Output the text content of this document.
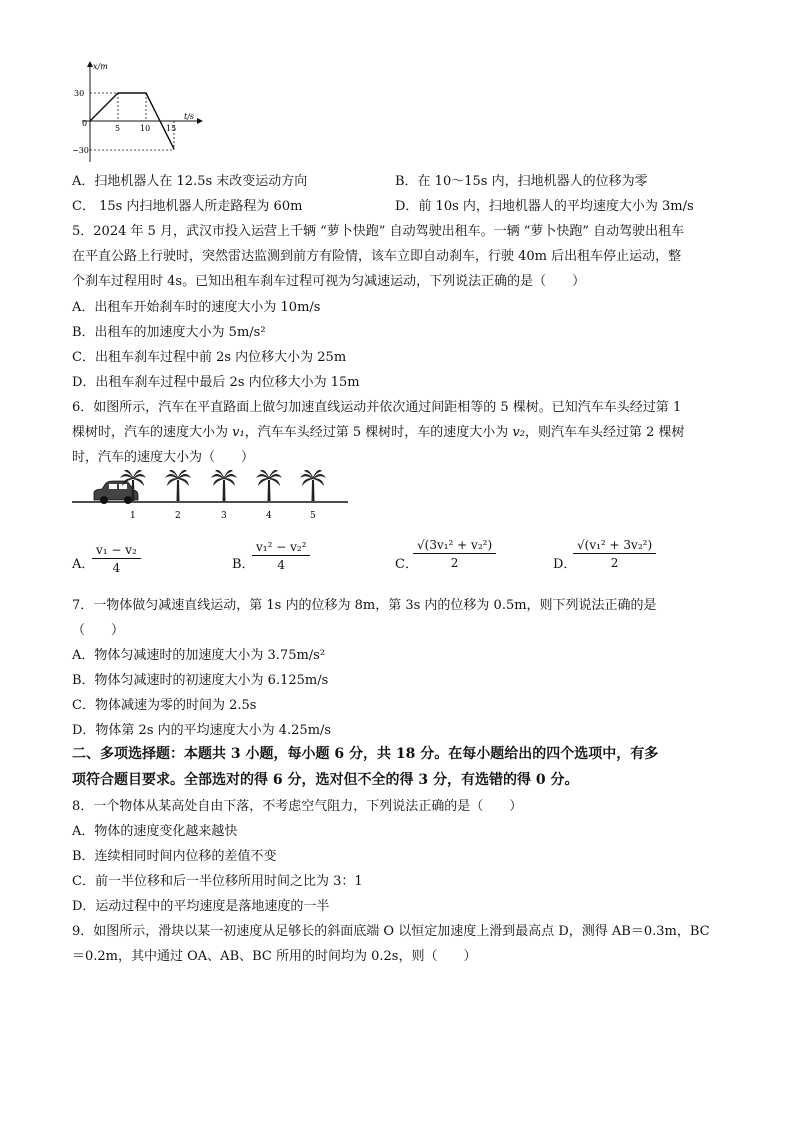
x/m
t/s
30
−30
0
5 10 15
A．扫地机器人在 12.5s 末改变运动方向	B．在 10～15s 内，扫地机器人的位移为零
C． 15s 内扫地机器人所走路程为 60m	D．前 10s 内，扫地机器人的平均速度大小为 3m/s
5．2024 年 5 月，武汉市投入运营上千辆 “萝卜快跑” 自动驾驶出租车。一辆 “萝卜快跑” 自动驾驶出租车
在平直公路上行驶时，突然雷达监测到前方有险情，该车立即自动刹车，行驶 40m 后出租车停止运动，整
个刹车过程用时 4s。已知出租车刹车过程可视为匀减速运动，下列说法正确的是（　　）
A．出租车开始刹车时的速度大小为 10m/s
B．出租车的加速度大小为 5m/s²
C．出租车刹车过程中前 2s 内位移大小为 25m
D．出租车刹车过程中最后 2s 内位移大小为 15m
6．如图所示，汽车在平直路面上做匀加速直线运动并依次通过间距相等的 5 棵树。已知汽车车头经过第 1
棵树时，汽车的速度大小为 v₁，汽车车头经过第 5 棵树时，车的速度大小为 v₂，则汽车车头经过第 2 棵树
时，汽车的速度大小为（　　）
1	2	3	4	5
A．
$\frac{\text{v₁ − v₂}}{4}$	B．
$\frac{\text{v₁² − v₂²}}{4}$	C．
$\frac{\text{√(3v₁² + v₂²)}}{2}$	D．
$\frac{\text{√(v₁² + 3v₂²)}}{2}$
7．一物体做匀减速直线运动，第 1s 内的位移为 8m，第 3s 内的位移为 0.5m，则下列说法正确的是
（　　）
A．物体匀减速时的加速度大小为 3.75m/s²
B．物体匀减速时的初速度大小为 6.125m/s
C．物体减速为零的时间为 2.5s
D．物体第 2s 内的平均速度大小为 4.25m/s
二、多项选择题：本题共 3 小题，每小题 6 分，共 18 分。在每小题给出的四个选项中，有多
项符合题目要求。全部选对的得 6 分，选对但不全的得 3 分，有选错的得 0 分。
8．一个物体从某高处自由下落，不考虑空气阻力，下列说法正确的是（　　）
A．物体的速度变化越来越快
B．连续相同时间内位移的差值不变
C．前一半位移和后一半位移所用时间之比为 3：1
D．运动过程中的平均速度是落地速度的一半
9．如图所示，滑块以某一初速度从足够长的斜面底端 O 以恒定加速度上滑到最高点 D，测得 AB＝0.3m，BC
＝0.2m，其中通过 OA、AB、BC 所用的时间均为 0.2s，则（　　）
